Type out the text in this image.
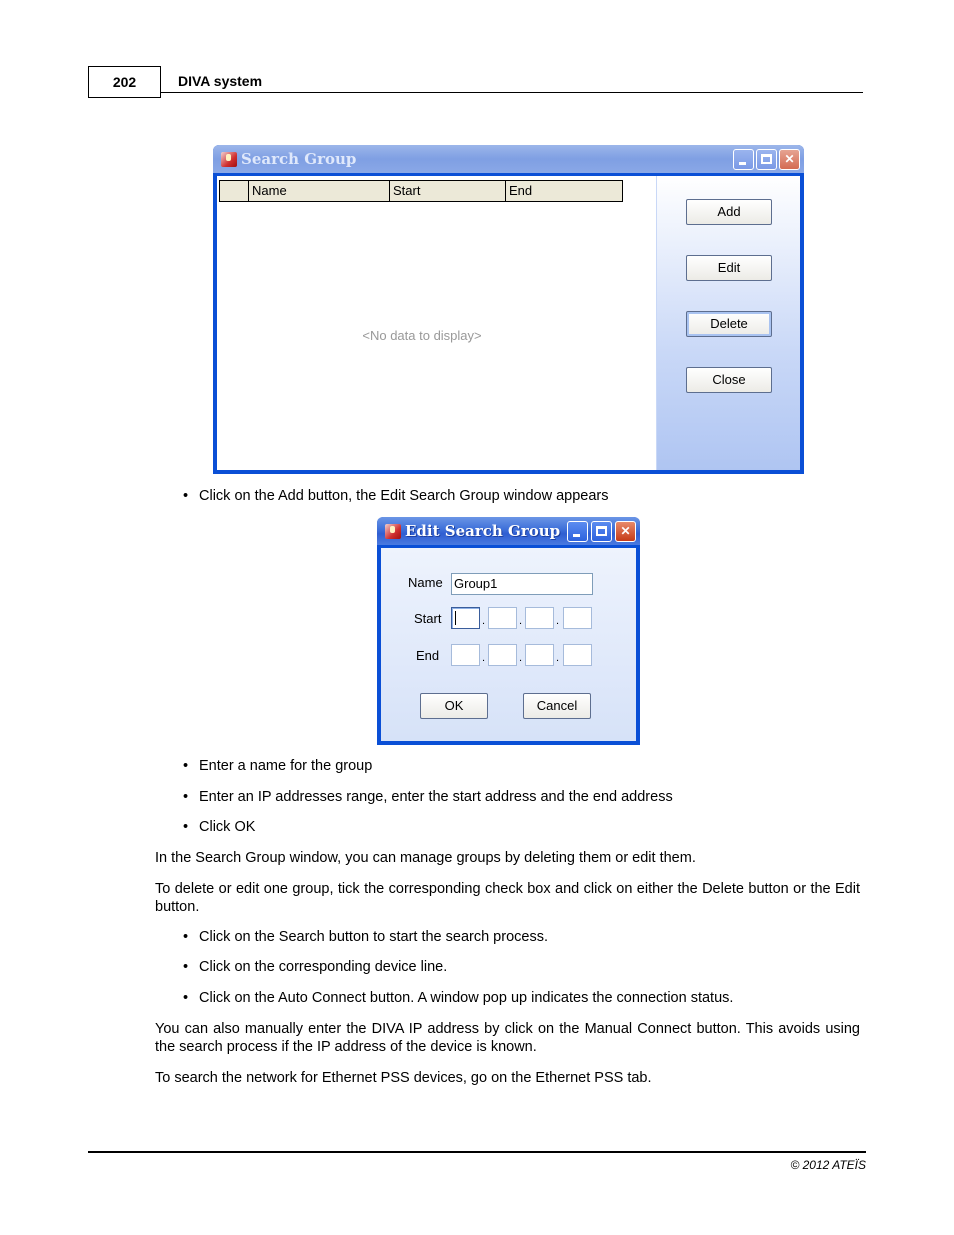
202	DIVA system
Search Group	✕
Name	Start	End
<No data to display>
Add
Edit
Delete
Close
• Click on the Add button, the Edit Search Group window appears
Edit Search Group	✕
Name Group1
Start	.	.	.
End	.	.	.
OK	Cancel
• Enter a name for the group
• Enter an IP addresses range, enter the start address and the end address
• Click OK
In the Search Group window, you can manage groups by deleting them or edit them.
To delete or edit one group, tick the corresponding check box and click on either the Delete button or the Edit button.
• Click on the Search button to start the search process.
• Click on the corresponding device line.
• Click on the Auto Connect button. A window pop up indicates the connection status.
You can also manually enter the DIVA IP address by click on the Manual Connect button. This avoids using the search process if the IP address of the device is known.
To search the network for Ethernet PSS devices, go on the Ethernet PSS tab.
© 2012 ATEÏS
